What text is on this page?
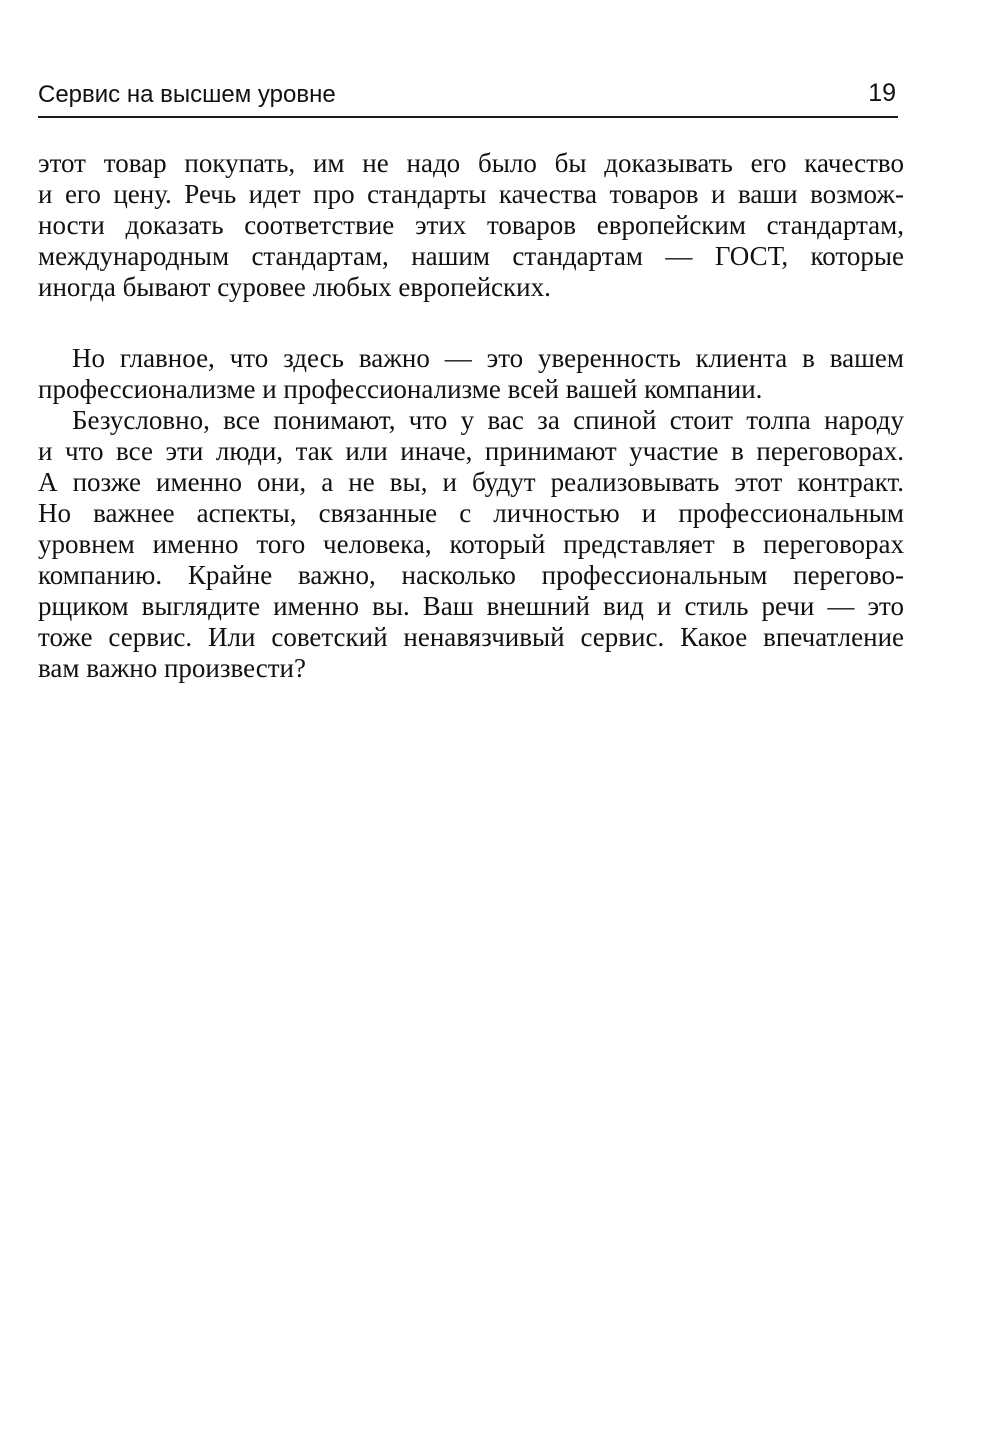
Сервис на высшем уровне	19
этот товар покупать, им не надо было бы доказывать его качество
и его цену. Речь идет про стандарты качества товаров и ваши возмож-
ности доказать соответствие этих товаров европейским стандартам,
международным стандартам, нашим стандартам — ГОСТ, которые
иногда бывают суровее любых европейских.
Но главное, что здесь важно — это уверенность клиента в вашем
профессионализме и профессионализме всей вашей компании.
Безусловно, все понимают, что у вас за спиной стоит толпа народу
и что все эти люди, так или иначе, принимают участие в переговорах.
А позже именно они, а не вы, и будут реализовывать этот контракт.
Но важнее аспекты, связанные с личностью и профессиональным
уровнем именно того человека, который представляет в переговорах
компанию. Крайне важно, насколько профессиональным перегово-
рщиком выглядите именно вы. Ваш внешний вид и стиль речи — это
тоже сервис. Или советский ненавязчивый сервис. Какое впечатление
вам важно произвести?
